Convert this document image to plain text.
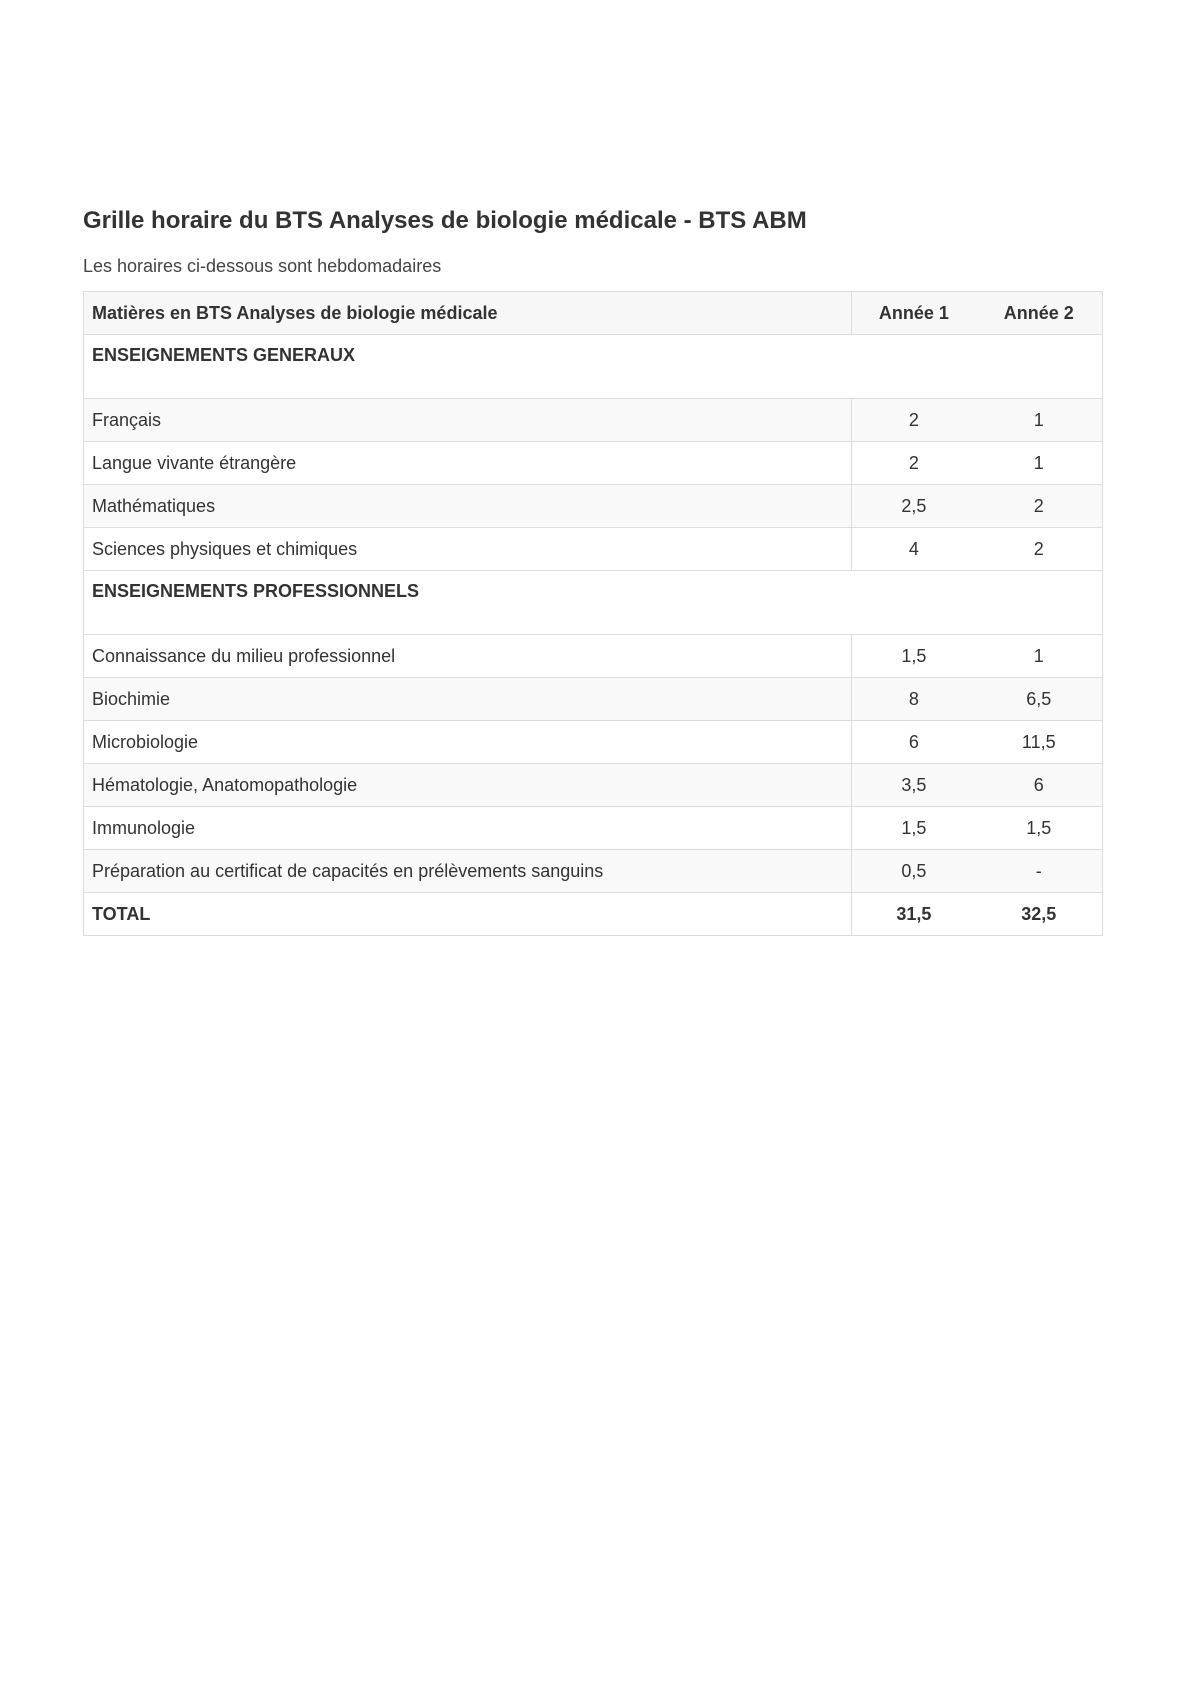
Grille horaire du BTS Analyses de biologie médicale - BTS ABM

Les horaires ci-dessous sont hebdomadaires

Matières en BTS Analyses de biologie médicale	Année 1	Année 2
ENSEIGNEMENTS GENERAUX		
Français	2	1
Langue vivante étrangère	2	1
Mathématiques	2,5	2
Sciences physiques et chimiques	4	2
ENSEIGNEMENTS PROFESSIONNELS		
Connaissance du milieu professionnel	1,5	1
Biochimie	8	6,5
Microbiologie	6	11,5
Hématologie, Anatomopathologie	3,5	6
Immunologie	1,5	1,5
Préparation au certificat de capacités en prélèvements sanguins	0,5	-
TOTAL	31,5	32,5
